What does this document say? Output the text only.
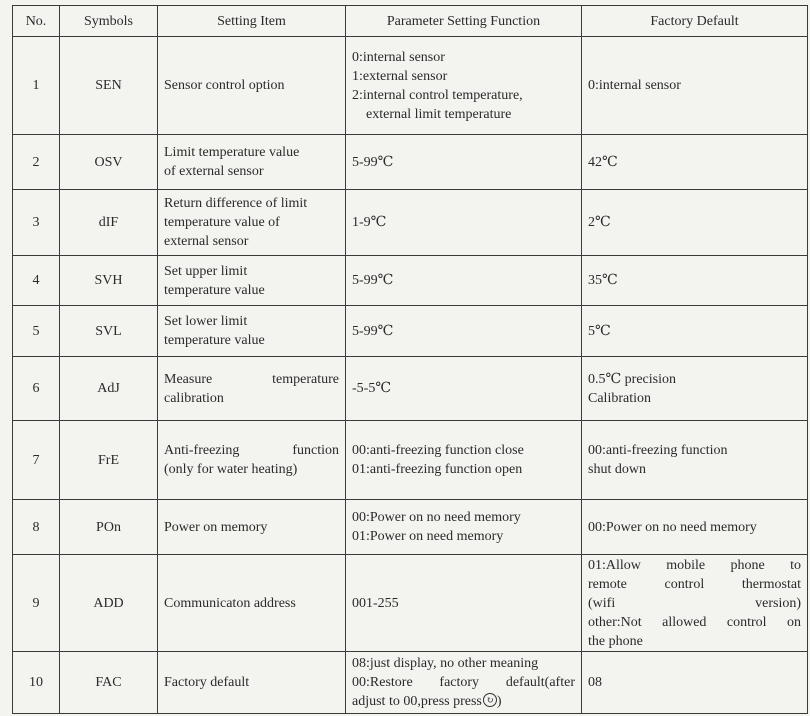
No.	Symbols	Setting Item	Parameter Setting Function	Factory Default
1	SEN	Sensor control option	0:internal sensor
1:external sensor
2:internal control temperature,
external limit temperature	0:internal sensor

2	OSV	Limit temperature value
of external sensor	5-99℃	42℃

3	dIF	Return difference of limit
temperature value of
external sensor	1-9℃	2℃

4	SVH	Set upper limit
temperature value	5-99℃	35℃

5	SVL	Set lower limit
temperature value	5-99℃	5℃

6	AdJ	Measure temperature
calibration	-5-5℃	0.5℃ precision
Calibration

7	FrE	Anti-freezing function
(only for water heating)	00:anti-freezing function close
01:anti-freezing function open	00:anti-freezing function
shut down

8	POn	Power on memory	00:Power on no need memory
01:Power on need memory	00:Power on no need memory

9	ADD	Communicaton address	001-255	01:Allow mobile phone to
remote control thermostat
(wifi version)
other:Not allowed control on
the phone

10	FAC	Factory default	08:just display, no other meaning
00:Restore factory default(after
adjust to 00,press press ↻ )	08
